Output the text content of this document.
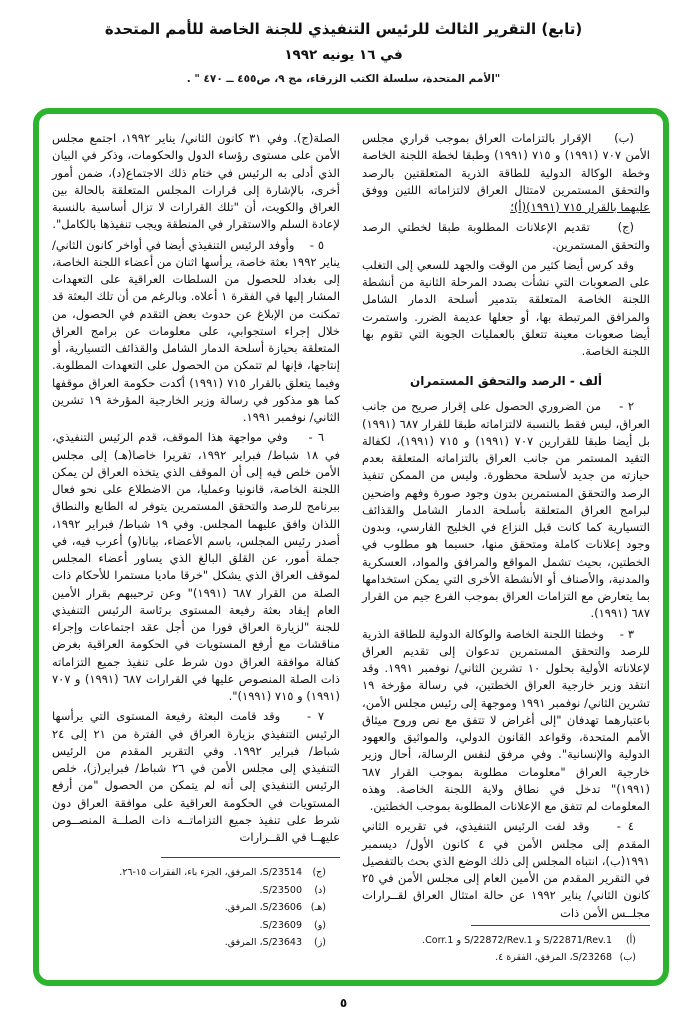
(تابع) التقرير الثالث للرئيس التنفيذي للجنة الخاصة للأمم المتحدة
في ١٦ يونيه ١٩٩٢
"الأمم المتحدة، سلسلة الكتب الزرقاء، مج ٩، ص٤٥٥ ــ ٤٧٠ " .

(ب)    الإقرار بالتزامات العراق بموجب قراري مجلس الأمن ٧٠٧ (١٩٩١) و ٧١٥ (١٩٩١) وطبقا لخطة اللجنة الخاصة وخطة الوكالة الدولية للطاقة الذرية المتعلقتين بالرصد والتحقق المستمرين لامتثال العراق لالتزاماته اللتين ووفق عليهما بالقرار ٧١٥ (١٩٩١)(أ)؛

(ج)    تقديم الإعلانات المطلوبة طبقا لخطتي الرصد والتحقق المستمرين.

وقد كرس أيضا كثير من الوقت والجهد للسعي إلى التغلب على الصعوبات التي نشأت بصدد المرحلة الثانية من أنشطة اللجنة الخاصة المتعلقة بتدمير أسلحة الدمار الشامل والمرافق المرتبطة بها، أو جعلها عديمة الضرر. واستمرت أيضا صعوبات معينة تتعلق بالعمليات الجوية التي تقوم بها اللجنة الخاصة.

ألف - الرصد والتحقق المستمران

٢ -    من الضروري الحصول على إقرار صريح من جانب العراق، ليس فقط بالنسبة لالتزاماته طبقا للقرار ٦٨٧ (١٩٩١) بل أيضا طبقا للقرارين ٧٠٧ (١٩٩١) و ٧١٥ (١٩٩١)، لكفالة التقيد المستمر من جانب العراق بالتزاماته المتعلقة بعدم حيازته من جديد لأسلحة محظورة. وليس من الممكن تنفيذ الرصد والتحقق المستمرين بدون وجود صورة وفهم واضحين لبرامج العراق المتعلقة بأسلحة الدمار الشامل والقذائف التسيارية كما كانت قبل النزاع في الخليج الفارسي، وبدون وجود إعلانات كاملة ومتحقق منها، حسبما هو مطلوب في الخطتين، بحيث تشمل المواقع والمرافق والمواد، العسكرية والمدنية، والأصناف أو الأنشطة الأخرى التي يمكن استخدامها بما يتعارض مع التزامات العراق بموجب الفرع جيم من القرار ٦٨٧ (١٩٩١).

٣ -    وخطتا اللجنة الخاصة والوكالة الدولية للطاقة الذرية للرصد والتحقق المستمرين تدعوان إلى تقديم العراق لإعلاناته الأولية بحلول ١٠ تشرين الثاني/ نوفمبر ١٩٩١. وقد انتقد وزير خارجية العراق الخطتين، في رسالة مؤرخة ١٩ تشرين الثاني/ نوفمبر ١٩٩١ وموجهة إلى رئيس مجلس الأمن، باعتبارهما تهدفان "إلى أغراض لا تتفق مع نص وروح ميثاق الأمم المتحدة، وقواعد القانون الدولي، والمواثيق والعهود الدولية والإنسانية". وفي مرفق لنفس الرسالة، أحال وزير خارجية العراق "معلومات مطلوبة بموجب القرار ٦٨٧ (١٩٩١)" تدخل في نطاق ولاية اللجنة الخاصة. وهذه المعلومات لم تتفق مع الإعلانات المطلوبة بموجب الخطتين.

٤ -    وقد لفت الرئيس التنفيذي، في تقريره الثاني المقدم إلى مجلس الأمن في ٤ كانون الأول/ ديسمبر ١٩٩١(ب)، انتباه المجلس إلى ذلك الوضع الذي بحث بالتفصيل في التقرير المقدم من الأمين العام إلى مجلس الأمن في ٢٥ كانون الثاني/ يناير ١٩٩٢ عن حالة امتثال العراق لقــرارات مجلــس الأمن ذات

(أ)
S/22871/Rev.1 و S/22872/Rev.1 و Corr.1.
(ب)
S/23268، المرفق، الفقرة ٤.

الصلة(ج). وفي ٣١ كانون الثاني/ يناير ١٩٩٢، اجتمع مجلس الأمن على مستوى رؤساء الدول والحكومات، وذكر في البيان الذي أدلى به الرئيس في ختام ذلك الاجتماع(د)، ضمن أمور أخرى، بالإشارة إلى قرارات المجلس المتعلقة بالحالة بين العراق والكويت، أن "تلك القرارات لا تزال أساسية بالنسبة لإعادة السلم والاستقرار في المنطقة ويجب تنفيذها بالكامل".

٥ -    وأوفد الرئيس التنفيذي أيضا في أواخر كانون الثاني/ يناير ١٩٩٢ بعثة خاصة، يرأسها اثنان من أعضاء اللجنة الخاصة، إلى بغداد للحصول من السلطات العراقية على التعهدات المشار إليها في الفقرة ١ أعلاه. وبالرغم من أن تلك البعثة قد تمكنت من الإبلاغ عن حدوث بعض التقدم في الحصول، من خلال إجراء استجوابي، على معلومات عن برامج العراق المتعلقة بحيازة أسلحة الدمار الشامل والقذائف التسيارية، أو إنتاجها، فإنها لم تتمكن من الحصول على التعهدات المطلوبة. وفيما يتعلق بالقرار ٧١٥ (١٩٩١) أكدت حكومة العراق موقفها كما هو مذكور في رسالة وزير الخارجية المؤرخة ١٩ تشرين الثاني/ نوفمبر ١٩٩١.

٦ -    وفي مواجهة هذا الموقف، قدم الرئيس التنفيذي، في ١٨ شباط/ فبراير ١٩٩٢، تقريرا خاصا(هـ) إلى مجلس الأمن خلص فيه إلى أن الموقف الذي يتخذه العراق لن يمكن اللجنة الخاصة، قانونيا وعمليا، من الاضطلاع على نحو فعال ببرنامج للرصد والتحقق المستمرين يتوفر له الطابع والنطاق اللذان وافق عليهما المجلس. وفي ١٩ شباط/ فبراير ١٩٩٢، أصدر رئيس المجلس، باسم الأعضاء، بيانا(و) أعرب فيه، في جملة أمور، عن القلق البالغ الذي يساور أعضاء المجلس لموقف العراق الذي يشكل "خرقا ماديا مستمرا للأحكام ذات الصلة من القرار ٦٨٧ (١٩٩١)" وعن ترحيبهم بقرار الأمين العام إيفاد بعثة رفيعة المستوى برئاسة الرئيس التنفيذي للجنة "لزيارة العراق فورا من أجل عقد اجتماعات وإجراء مناقشات مع أرفع المستويات في الحكومة العراقية بغرض كفالة موافقة العراق دون شرط على تنفيذ جميع التزاماته ذات الصلة المنصوص عليها في القرارات ٦٨٧ (١٩٩١) و ٧٠٧ (١٩٩١) و ٧١٥ (١٩٩١)".

٧ -    وقد قامت البعثة رفيعة المستوى التي يرأسها الرئيس التنفيذي بزيارة العراق في الفترة من ٢١ إلى ٢٤ شباط/ فبراير ١٩٩٢. وفي التقرير المقدم من الرئيس التنفيذي إلى مجلس الأمن في ٢٦ شباط/ فبراير(ز)، خلص الرئيس التنفيذي إلى أنه لم يتمكن من الحصول "من أرفع المستويات في الحكومة العراقية على موافقة العراق دون شرط على تنفيذ جميع التزاماتــه ذات الصلــة المنصــوص عليهــا في القــرارات

(ج)
S/23514، المرفق، الجزء باء، الفقرات ١٥-٢٦.
(د)
S/23500.
(هـ)
S/23606، المرفق.
(و)
S/23609.
(ز)
S/23643، المرفق.
٥
